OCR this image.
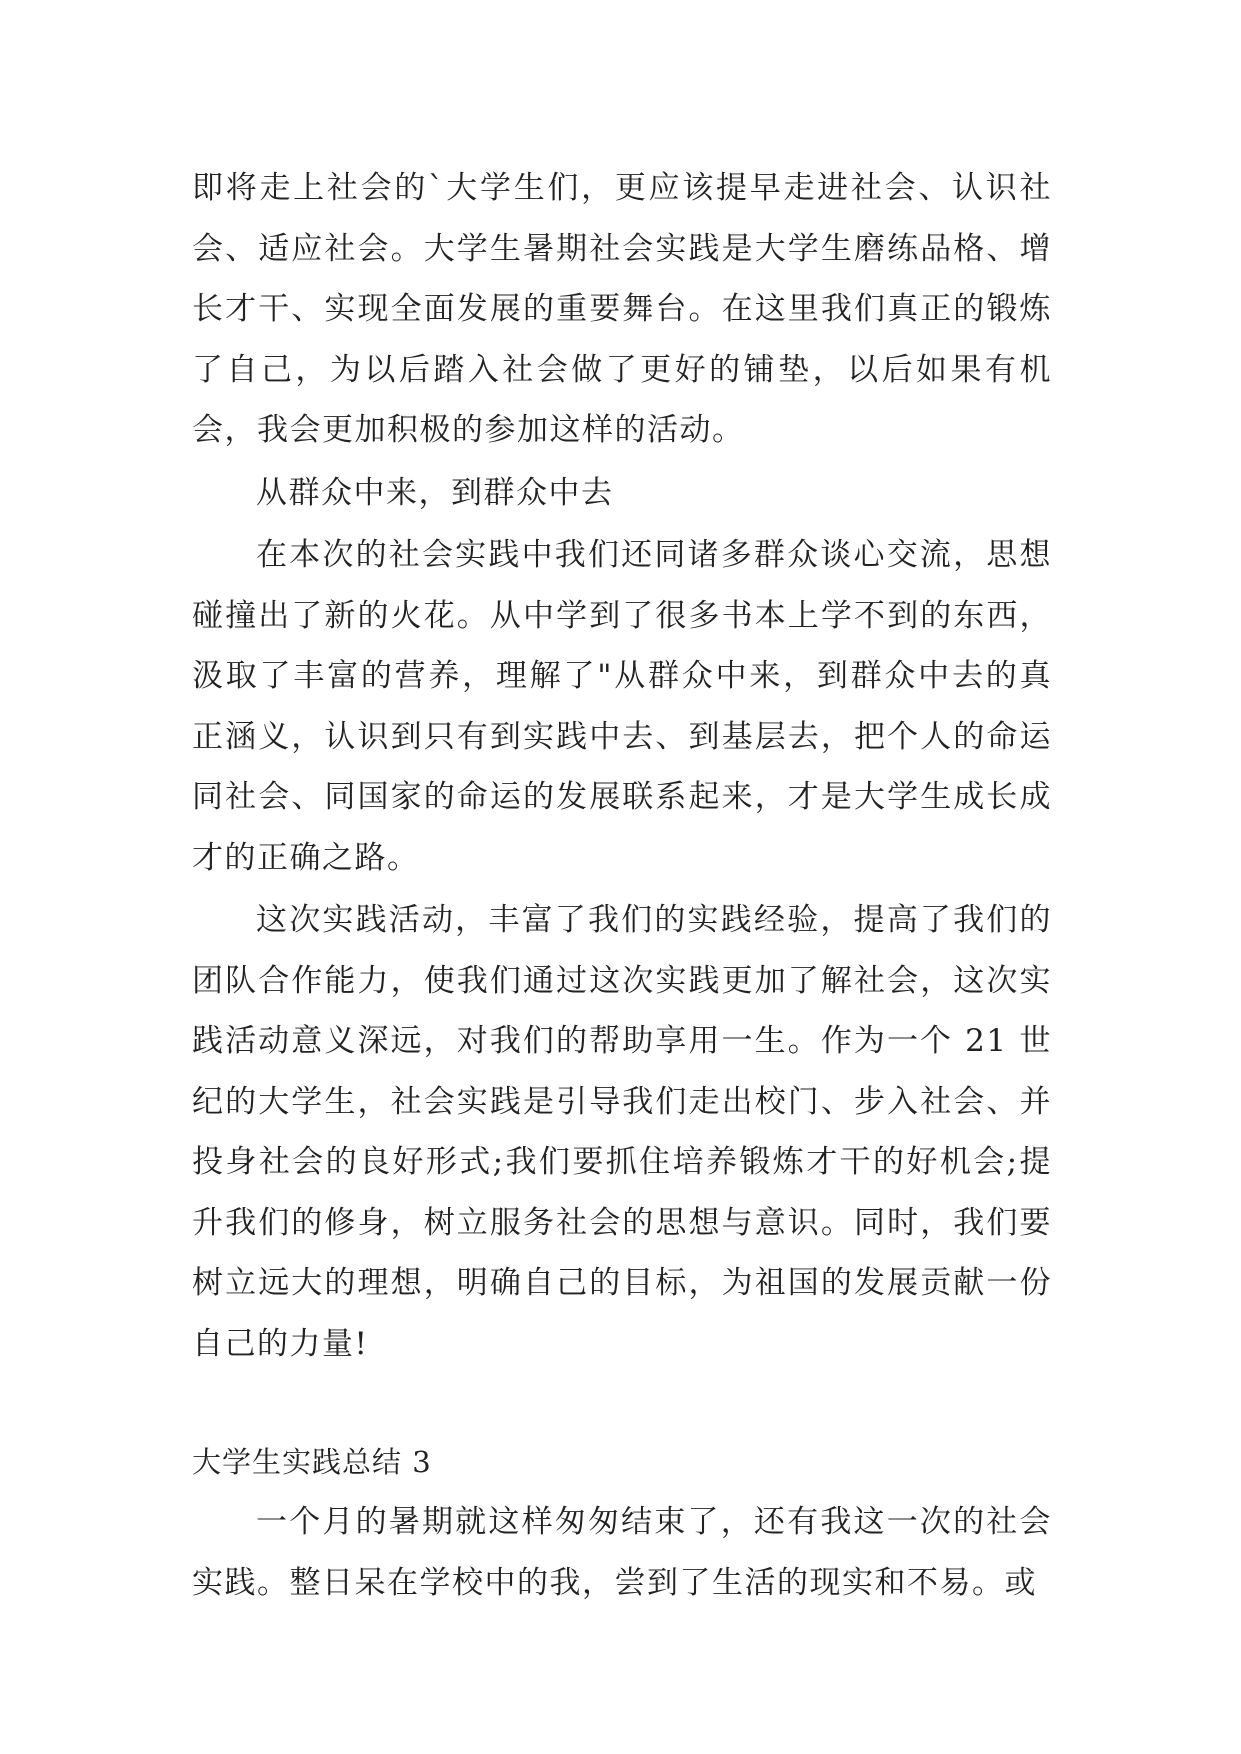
即将走上社会的`大学生们，更应该提早走进社会、认识社会、适应社会。大学生暑期社会实践是大学生磨练品格、增长才干、实现全面发展的重要舞台。在这里我们真正的锻炼了自己，为以后踏入社会做了更好的铺垫，以后如果有机会，我会更加积极的参加这样的活动。

从群众中来，到群众中去

在本次的社会实践中我们还同诸多群众谈心交流，思想碰撞出了新的火花。从中学到了很多书本上学不到的东西，汲取了丰富的营养，理解了"从群众中来，到群众中去的真正涵义，认识到只有到实践中去、到基层去，把个人的命运同社会、同国家的命运的发展联系起来，才是大学生成长成才的正确之路。

这次实践活动，丰富了我们的实践经验，提高了我们的团队合作能力，使我们通过这次实践更加了解社会，这次实践活动意义深远，对我们的帮助享用一生。作为一个 21 世纪的大学生，社会实践是引导我们走出校门、步入社会、并投身社会的良好形式;我们要抓住培养锻炼才干的好机会;提升我们的修身，树立服务社会的思想与意识。同时，我们要树立远大的理想，明确自己的目标，为祖国的发展贡献一份自己的力量!

大学生实践总结 3

一个月的暑期就这样匆匆结束了，还有我这一次的社会实践。整日呆在学校中的我，尝到了生活的现实和不易。或
